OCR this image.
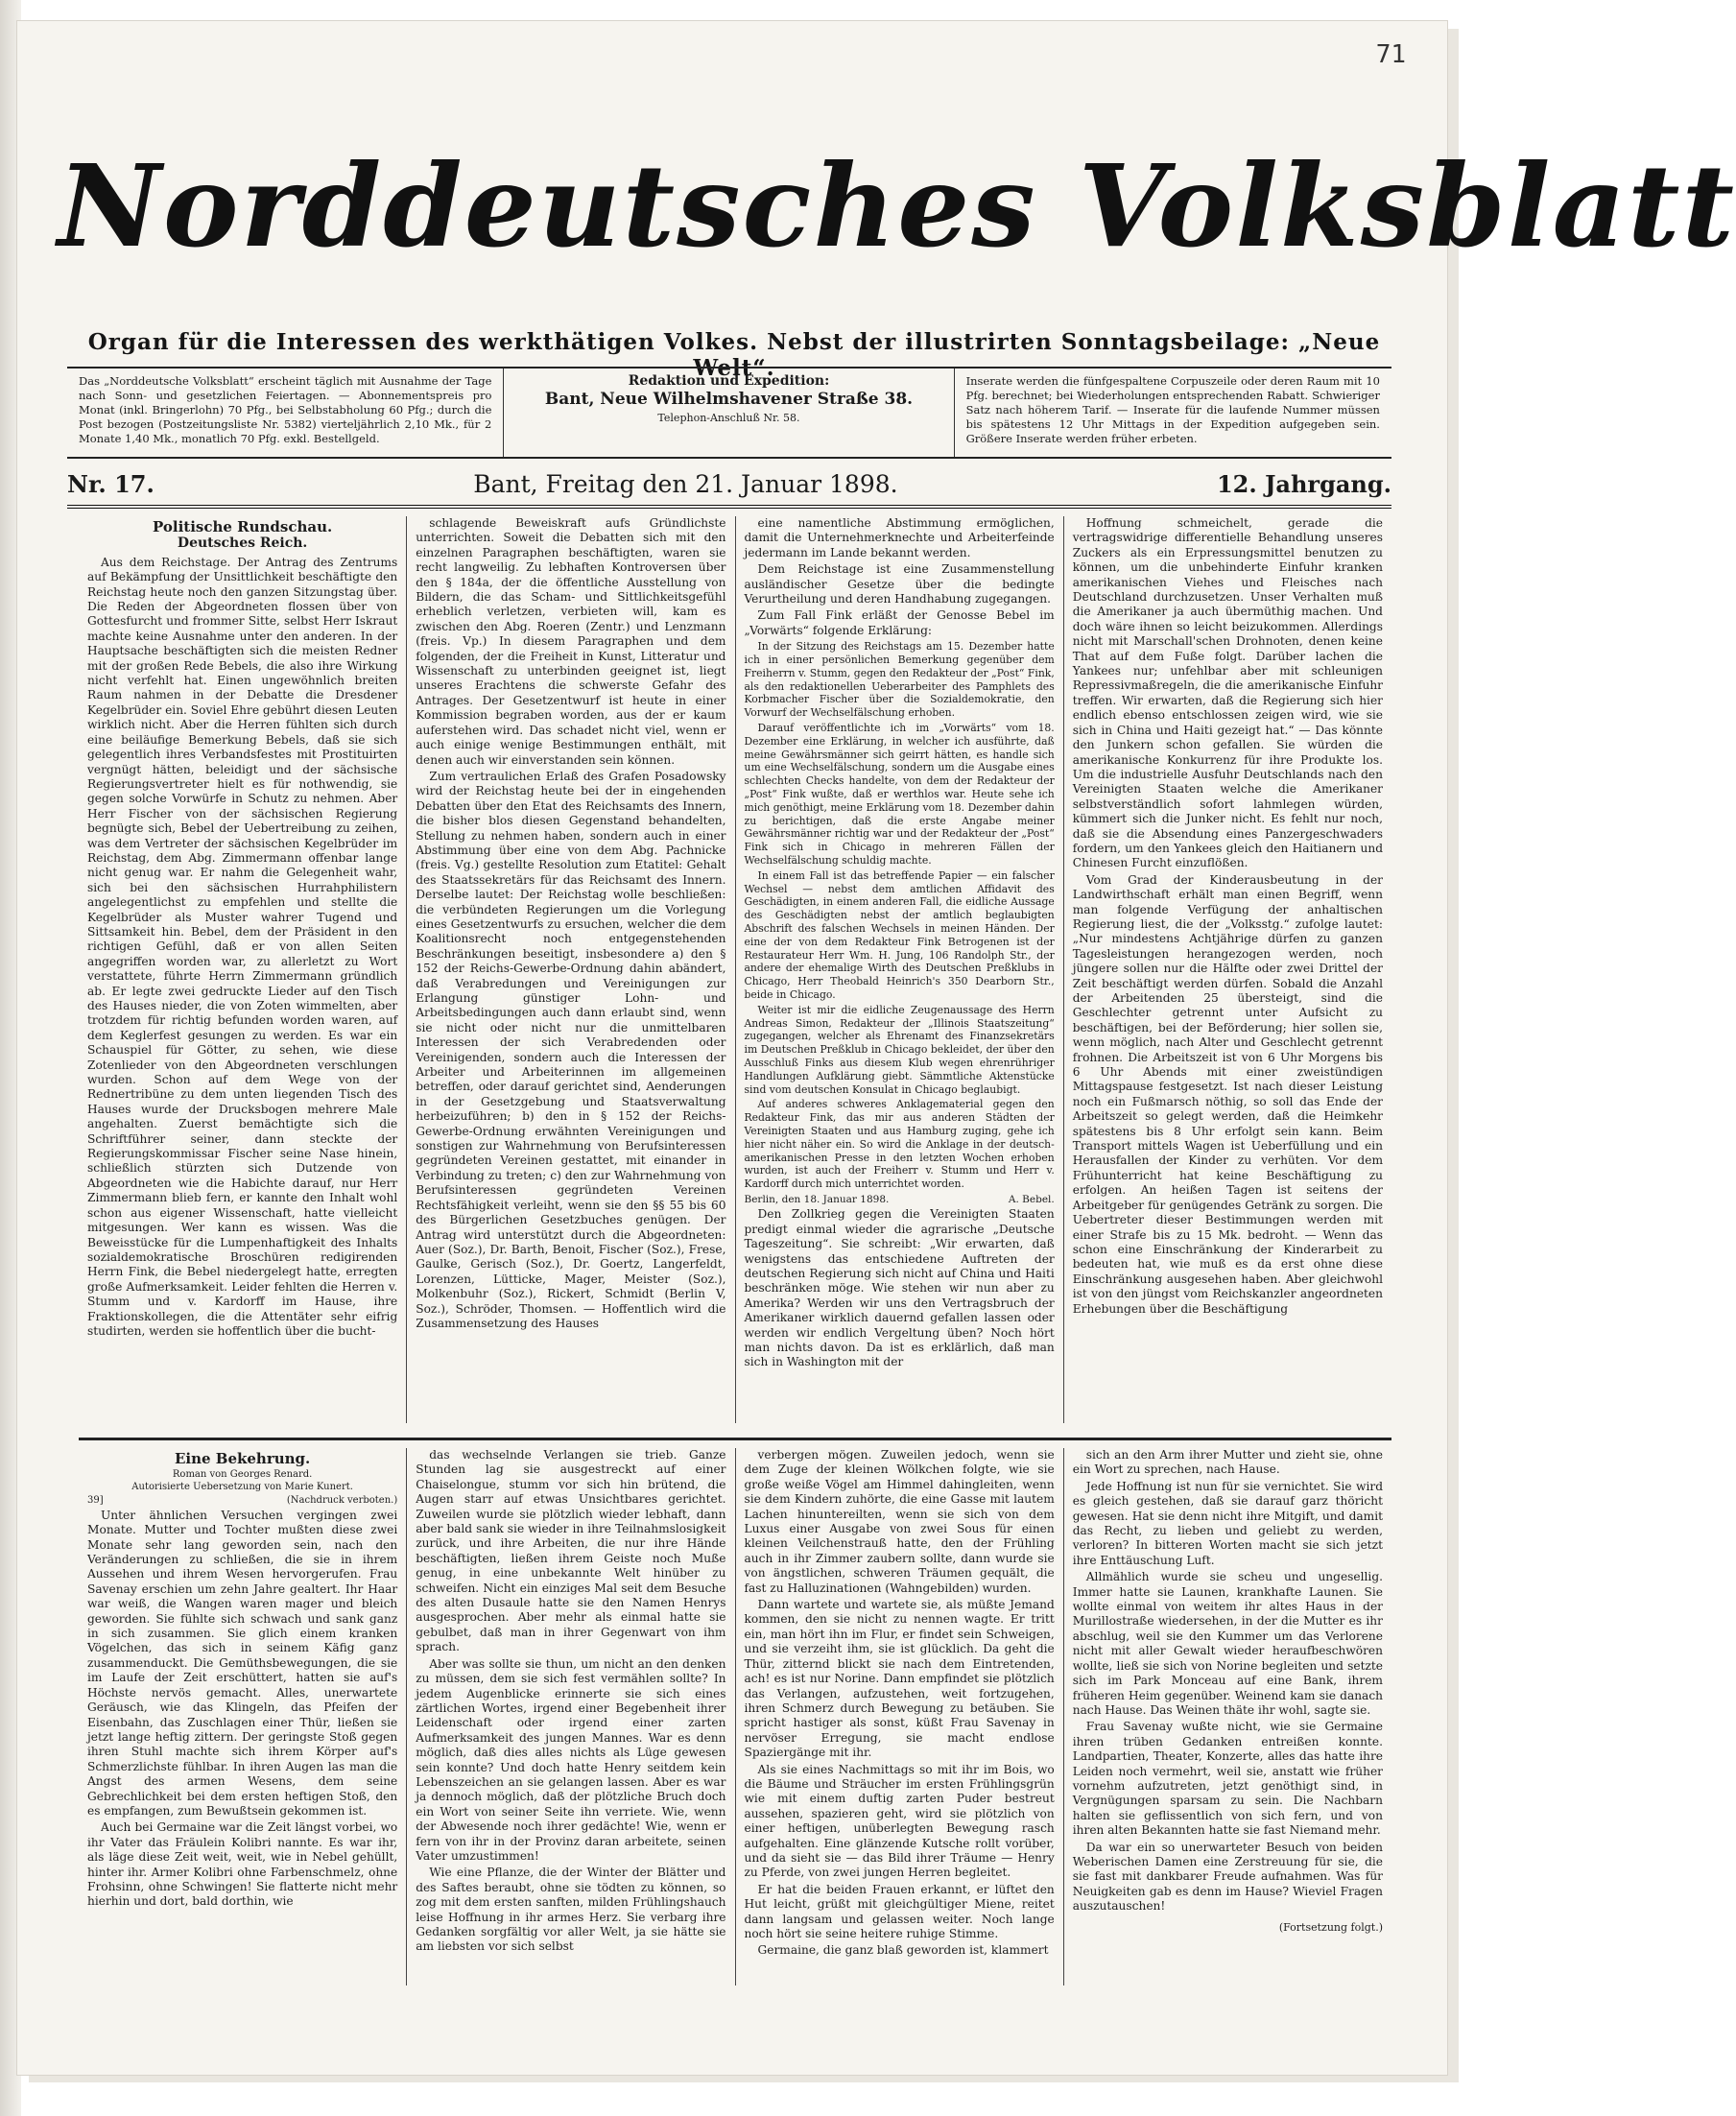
71
Norddeutsches Volksblatt
Organ für die Interessen des werkthätigen Volkes. Nebst der illustrirten Sonntagsbeilage: „Neue Welt“.
Das „Norddeutsche Volksblatt“ erscheint täglich mit Ausnahme der Tage nach Sonn- und gesetzlichen Feiertagen. — Abonnementspreis pro Monat (inkl. Bringerlohn) 70 Pfg., bei Selbstabholung 60 Pfg.; durch die Post bezogen (Postzeitungsliste Nr. 5382) vierteljährlich 2,10 Mk., für 2 Monate 1,40 Mk., monatlich 70 Pfg. exkl. Bestellgeld.
Redaktion und Expedition:
Bant, Neue Wilhelmshavener Straße 38.
Telephon-Anschluß Nr. 58.
Inserate werden die fünfgespaltene Corpuszeile oder deren Raum mit 10 Pfg. berechnet; bei Wiederholungen entsprechenden Rabatt. Schwieriger Satz nach höherem Tarif. — Inserate für die laufende Nummer müssen bis spätestens 12 Uhr Mittags in der Expedition aufgegeben sein. Größere Inserate werden früher erbeten.
Nr. 17.	Bant, Freitag den 21. Januar 1898.	12. Jahrgang.
Politische Rundschau.
Deutsches Reich.

Aus dem Reichstage. Der Antrag des Zentrums auf Bekämpfung der Unsittlichkeit beschäftigte den Reichstag heute noch den ganzen Sitzungstag über. Die Reden der Abgeordneten flossen über von Gottesfurcht und frommer Sitte, selbst Herr Iskraut machte keine Ausnahme unter den anderen. In der Hauptsache beschäftigten sich die meisten Redner mit der großen Rede Bebels, die also ihre Wirkung nicht verfehlt hat. Einen ungewöhnlich breiten Raum nahmen in der Debatte die Dresdener Kegelbrüder ein. Soviel Ehre gebührt diesen Leuten wirklich nicht. Aber die Herren fühlten sich durch eine beiläufige Bemerkung Bebels, daß sie sich gelegentlich ihres Verbandsfestes mit Prostituirten vergnügt hätten, beleidigt und der sächsische Regierungsvertreter hielt es für nothwendig, sie gegen solche Vorwürfe in Schutz zu nehmen. Aber Herr Fischer von der sächsischen Regierung begnügte sich, Bebel der Uebertreibung zu zeihen, was dem Vertreter der sächsischen Kegelbrüder im Reichstag, dem Abg. Zimmermann offenbar lange nicht genug war. Er nahm die Gelegenheit wahr, sich bei den sächsischen Hurrahphilistern angelegentlichst zu empfehlen und stellte die Kegelbrüder als Muster wahrer Tugend und Sittsamkeit hin. Bebel, dem der Präsident in den richtigen Gefühl, daß er von allen Seiten angegriffen worden war, zu allerletzt zu Wort verstattete, führte Herrn Zimmermann gründlich ab. Er legte zwei gedruckte Lieder auf den Tisch des Hauses nieder, die von Zoten wimmelten, aber trotzdem für richtig befunden worden waren, auf dem Keglerfest gesungen zu werden. Es war ein Schauspiel für Götter, zu sehen, wie diese Zotenlieder von den Abgeordneten verschlungen wurden. Schon auf dem Wege von der Rednertribüne zu dem unten liegenden Tisch des Hauses wurde der Drucksbogen mehrere Male angehalten. Zuerst bemächtigte sich die Schriftführer seiner, dann steckte der Regierungskommissar Fischer seine Nase hinein, schließlich stürzten sich Dutzende von Abgeordneten wie die Habichte darauf, nur Herr Zimmermann blieb fern, er kannte den Inhalt wohl schon aus eigener Wissenschaft, hatte vielleicht mitgesungen. Wer kann es wissen. Was die Beweisstücke für die Lumpenhaftigkeit des Inhalts sozialdemokratische Broschüren redigirenden Herrn Fink, die Bebel niedergelegt hatte, erregten große Aufmerksamkeit. Leider fehlten die Herren v. Stumm und v. Kardorff im Hause, ihre Fraktionskollegen, die die Attentäter sehr eifrig studirten, werden sie hoffentlich über die bucht-

schlagende Beweiskraft aufs Gründlichste unterrichten. Soweit die Debatten sich mit den einzelnen Paragraphen beschäftigten, waren sie recht langweilig. Zu lebhaften Kontroversen über den § 184a, der die öffentliche Ausstellung von Bildern, die das Scham- und Sittlichkeitsgefühl erheblich verletzen, verbieten will, kam es zwischen den Abg. Roeren (Zentr.) und Lenzmann (freis. Vp.) In diesem Paragraphen und dem folgenden, der die Freiheit in Kunst, Litteratur und Wissenschaft zu unterbinden geeignet ist, liegt unseres Erachtens die schwerste Gefahr des Antrages. Der Gesetzentwurf ist heute in einer Kommission begraben worden, aus der er kaum auferstehen wird. Das schadet nicht viel, wenn er auch einige wenige Bestimmungen enthält, mit denen auch wir einverstanden sein können.

Zum vertraulichen Erlaß des Grafen Posadowsky wird der Reichstag heute bei der in eingehenden Debatten über den Etat des Reichsamts des Innern, die bisher blos diesen Gegenstand behandelten, Stellung zu nehmen haben, sondern auch in einer Abstimmung über eine von dem Abg. Pachnicke (freis. Vg.) gestellte Resolution zum Etatitel: Gehalt des Staatssekretärs für das Reichsamt des Innern. Derselbe lautet: Der Reichstag wolle beschließen: die verbündeten Regierungen um die Vorlegung eines Gesetzentwurfs zu ersuchen, welcher die dem Koalitionsrecht noch entgegenstehenden Beschränkungen beseitigt, insbesondere a) den § 152 der Reichs-Gewerbe-Ordnung dahin abändert, daß Verabredungen und Vereinigungen zur Erlangung günstiger Lohn- und Arbeitsbedingungen auch dann erlaubt sind, wenn sie nicht oder nicht nur die unmittelbaren Interessen der sich Verabredenden oder Vereinigenden, sondern auch die Interessen der Arbeiter und Arbeiterinnen im allgemeinen betreffen, oder darauf gerichtet sind, Aenderungen in der Gesetzgebung und Staatsverwaltung herbeizuführen; b) den in § 152 der Reichs-Gewerbe-Ordnung erwähnten Vereinigungen und sonstigen zur Wahrnehmung von Berufsinteressen gegründeten Vereinen gestattet, mit einander in Verbindung zu treten; c) den zur Wahrnehmung von Berufsinteressen gegründeten Vereinen Rechtsfähigkeit verleiht, wenn sie den §§ 55 bis 60 des Bürgerlichen Gesetzbuches genügen. Der Antrag wird unterstützt durch die Abgeordneten: Auer (Soz.), Dr. Barth, Benoit, Fischer (Soz.), Frese, Gaulke, Gerisch (Soz.), Dr. Goertz, Langerfeldt, Lorenzen, Lütticke, Mager, Meister (Soz.), Molkenbuhr (Soz.), Rickert, Schmidt (Berlin V, Soz.), Schröder, Thomsen. — Hoffentlich wird die Zusammensetzung des Hauses

eine namentliche Abstimmung ermöglichen, damit die Unternehmerknechte und Arbeiterfeinde jedermann im Lande bekannt werden.

Dem Reichstage ist eine Zusammenstellung ausländischer Gesetze über die bedingte Verurtheilung und deren Handhabung zugegangen.

Zum Fall Fink erläßt der Genosse Bebel im „Vorwärts“ folgende Erklärung:

In der Sitzung des Reichstags am 15. Dezember hatte ich in einer persönlichen Bemerkung gegenüber dem Freiherrn v. Stumm, gegen den Redakteur der „Post“ Fink, als den redaktionellen Ueberarbeiter des Pamphlets des Korbmacher Fischer über die Sozialdemokratie, den Vorwurf der Wechselfälschung erhoben.

Darauf veröffentlichte ich im „Vorwärts“ vom 18. Dezember eine Erklärung, in welcher ich ausführte, daß meine Gewährsmänner sich geirrt hätten, es handle sich um eine Wechselfälschung, sondern um die Ausgabe eines schlechten Checks handelte, von dem der Redakteur der „Post“ Fink wußte, daß er werthlos war. Heute sehe ich mich genöthigt, meine Erklärung vom 18. Dezember dahin zu berichtigen, daß die erste Angabe meiner Gewährsmänner richtig war und der Redakteur der „Post“ Fink sich in Chicago in mehreren Fällen der Wechselfälschung schuldig machte.

In einem Fall ist das betreffende Papier — ein falscher Wechsel — nebst dem amtlichen Affidavit des Geschädigten, in einem anderen Fall, die eidliche Aussage des Geschädigten nebst der amtlich beglaubigten Abschrift des falschen Wechsels in meinen Händen. Der eine der von dem Redakteur Fink Betrogenen ist der Restaurateur Herr Wm. H. Jung, 106 Randolph Str., der andere der ehemalige Wirth des Deutschen Preßklubs in Chicago, Herr Theobald Heinrich's 350 Dearborn Str., beide in Chicago.

Weiter ist mir die eidliche Zeugenaussage des Herrn Andreas Simon, Redakteur der „Illinois Staatszeitung“ zugegangen, welcher als Ehrenamt des Finanzsekretärs im Deutschen Preßklub in Chicago bekleidet, der über den Ausschluß Finks aus diesem Klub wegen ehrenrühriger Handlungen Aufklärung giebt. Sämmtliche Aktenstücke sind vom deutschen Konsulat in Chicago beglaubigt.

Auf anderes schweres Anklagematerial gegen den Redakteur Fink, das mir aus anderen Städten der Vereinigten Staaten und aus Hamburg zuging, gehe ich hier nicht näher ein. So wird die Anklage in der deutsch-amerikanischen Presse in den letzten Wochen erhoben wurden, ist auch der Freiherr v. Stumm und Herr v. Kardorff durch mich unterrichtet worden.

Berlin, den 18. Januar 1898.	A. Bebel.

Den Zollkrieg gegen die Vereinigten Staaten predigt einmal wieder die agrarische „Deutsche Tageszeitung“. Sie schreibt: „Wir erwarten, daß wenigstens das entschiedene Auftreten der deutschen Regierung sich nicht auf China und Haiti beschränken möge. Wie stehen wir nun aber zu Amerika? Werden wir uns den Vertragsbruch der Amerikaner wirklich dauernd gefallen lassen oder werden wir endlich Vergeltung üben? Noch hört man nichts davon. Da ist es erklärlich, daß man sich in Washington mit der

Hoffnung schmeichelt, gerade die vertragswidrige differentielle Behandlung unseres Zuckers als ein Erpressungsmittel benutzen zu können, um die unbehinderte Einfuhr kranken amerikanischen Viehes und Fleisches nach Deutschland durchzusetzen. Unser Verhalten muß die Amerikaner ja auch übermüthig machen. Und doch wäre ihnen so leicht beizukommen. Allerdings nicht mit Marschall'schen Drohnoten, denen keine That auf dem Fuße folgt. Darüber lachen die Yankees nur; unfehlbar aber mit schleunigen Repressivmaßregeln, die die amerikanische Einfuhr treffen. Wir erwarten, daß die Regierung sich hier endlich ebenso entschlossen zeigen wird, wie sie sich in China und Haiti gezeigt hat.“ — Das könnte den Junkern schon gefallen. Sie würden die amerikanische Konkurrenz für ihre Produkte los. Um die industrielle Ausfuhr Deutschlands nach den Vereinigten Staaten welche die Amerikaner selbstverständlich sofort lahmlegen würden, kümmert sich die Junker nicht. Es fehlt nur noch, daß sie die Absendung eines Panzergeschwaders fordern, um den Yankees gleich den Haitianern und Chinesen Furcht einzuflößen.

Vom Grad der Kinderausbeutung in der Landwirthschaft erhält man einen Begriff, wenn man folgende Verfügung der anhaltischen Regierung liest, die der „Volksstg.“ zufolge lautet: „Nur mindestens Achtjährige dürfen zu ganzen Tagesleistungen herangezogen werden, noch jüngere sollen nur die Hälfte oder zwei Drittel der Zeit beschäftigt werden dürfen. Sobald die Anzahl der Arbeitenden 25 übersteigt, sind die Geschlechter getrennt unter Aufsicht zu beschäftigen, bei der Beförderung; hier sollen sie, wenn möglich, nach Alter und Geschlecht getrennt frohnen. Die Arbeitszeit ist von 6 Uhr Morgens bis 6 Uhr Abends mit einer zweistündigen Mittagspause festgesetzt. Ist nach dieser Leistung noch ein Fußmarsch nöthig, so soll das Ende der Arbeitszeit so gelegt werden, daß die Heimkehr spätestens bis 8 Uhr erfolgt sein kann. Beim Transport mittels Wagen ist Ueberfüllung und ein Herausfallen der Kinder zu verhüten. Vor dem Frühunterricht hat keine Beschäftigung zu erfolgen. An heißen Tagen ist seitens der Arbeitgeber für genügendes Getränk zu sorgen. Die Uebertreter dieser Bestimmungen werden mit einer Strafe bis zu 15 Mk. bedroht. — Wenn das schon eine Einschränkung der Kinderarbeit zu bedeuten hat, wie muß es da erst ohne diese Einschränkung ausgesehen haben. Aber gleichwohl ist von den jüngst vom Reichskanzler angeordneten Erhebungen über die Beschäftigung

Eine Bekehrung.
Roman von Georges Renard.
Autorisierte Uebersetzung von Marie Kunert.
39]	(Nachdruck verboten.)

Unter ähnlichen Versuchen vergingen zwei Monate. Mutter und Tochter mußten diese zwei Monate sehr lang geworden sein, nach den Veränderungen zu schließen, die sie in ihrem Aussehen und ihrem Wesen hervorgerufen. Frau Savenay erschien um zehn Jahre gealtert. Ihr Haar war weiß, die Wangen waren mager und bleich geworden. Sie fühlte sich schwach und sank ganz in sich zusammen. Sie glich einem kranken Vögelchen, das sich in seinem Käfig ganz zusammenduckt. Die Gemüthsbewegungen, die sie im Laufe der Zeit erschüttert, hatten sie auf's Höchste nervös gemacht. Alles, unerwartete Geräusch, wie das Klingeln, das Pfeifen der Eisenbahn, das Zuschlagen einer Thür, ließen sie jetzt lange heftig zittern. Der geringste Stoß gegen ihren Stuhl machte sich ihrem Körper auf's Schmerzlichste fühlbar. In ihren Augen las man die Angst des armen Wesens, dem seine Gebrechlichkeit bei dem ersten heftigen Stoß, den es empfangen, zum Bewußtsein gekommen ist.

Auch bei Germaine war die Zeit längst vorbei, wo ihr Vater das Fräulein Kolibri nannte. Es war ihr, als läge diese Zeit weit, weit, wie in Nebel gehüllt, hinter ihr. Armer Kolibri ohne Farbenschmelz, ohne Frohsinn, ohne Schwingen! Sie flatterte nicht mehr hierhin und dort, bald dorthin, wie

das wechselnde Verlangen sie trieb. Ganze Stunden lag sie ausgestreckt auf einer Chaiselongue, stumm vor sich hin brütend, die Augen starr auf etwas Unsichtbares gerichtet. Zuweilen wurde sie plötzlich wieder lebhaft, dann aber bald sank sie wieder in ihre Teilnahmslosigkeit zurück, und ihre Arbeiten, die nur ihre Hände beschäftigten, ließen ihrem Geiste noch Muße genug, in eine unbekannte Welt hinüber zu schweifen. Nicht ein einziges Mal seit dem Besuche des alten Dusaule hatte sie den Namen Henrys ausgesprochen. Aber mehr als einmal hatte sie gebulbet, daß man in ihrer Gegenwart von ihm sprach.

Aber was sollte sie thun, um nicht an den denken zu müssen, dem sie sich fest vermählen sollte? In jedem Augenblicke erinnerte sie sich eines zärtlichen Wortes, irgend einer Begebenheit ihrer Leidenschaft oder irgend einer zarten Aufmerksamkeit des jungen Mannes. War es denn möglich, daß dies alles nichts als Lüge gewesen sein konnte? Und doch hatte Henry seitdem kein Lebenszeichen an sie gelangen lassen. Aber es war ja dennoch möglich, daß der plötzliche Bruch doch ein Wort von seiner Seite ihn verriete. Wie, wenn der Abwesende noch ihrer gedächte! Wie, wenn er fern von ihr in der Provinz daran arbeitete, seinen Vater umzustimmen!

Wie eine Pflanze, die der Winter der Blätter und des Saftes beraubt, ohne sie tödten zu können, so zog mit dem ersten sanften, milden Frühlingshauch leise Hoffnung in ihr armes Herz. Sie verbarg ihre Gedanken sorgfältig vor aller Welt, ja sie hätte sie am liebsten vor sich selbst

verbergen mögen. Zuweilen jedoch, wenn sie dem Zuge der kleinen Wölkchen folgte, wie sie große weiße Vögel am Himmel dahingleiten, wenn sie dem Kindern zuhörte, die eine Gasse mit lautem Lachen hinuntereilten, wenn sie sich von dem Luxus einer Ausgabe von zwei Sous für einen kleinen Veilchenstrauß hatte, den der Frühling auch in ihr Zimmer zaubern sollte, dann wurde sie von ängstlichen, schweren Träumen gequält, die fast zu Halluzinationen (Wahngebilden) wurden.

Dann wartete und wartete sie, als müßte Jemand kommen, den sie nicht zu nennen wagte. Er tritt ein, man hört ihn im Flur, er findet sein Schweigen, und sie verzeiht ihm, sie ist glücklich. Da geht die Thür, zitternd blickt sie nach dem Eintretenden, ach! es ist nur Norine. Dann empfindet sie plötzlich das Verlangen, aufzustehen, weit fortzugehen, ihren Schmerz durch Bewegung zu betäuben. Sie spricht hastiger als sonst, küßt Frau Savenay in nervöser Erregung, sie macht endlose Spaziergänge mit ihr.

Als sie eines Nachmittags so mit ihr im Bois, wo die Bäume und Sträucher im ersten Frühlingsgrün wie mit einem duftig zarten Puder bestreut aussehen, spazieren geht, wird sie plötzlich von einer heftigen, unüberlegten Bewegung rasch aufgehalten. Eine glänzende Kutsche rollt vorüber, und da sieht sie — das Bild ihrer Träume — Henry zu Pferde, von zwei jungen Herren begleitet.

Er hat die beiden Frauen erkannt, er lüftet den Hut leicht, grüßt mit gleichgültiger Miene, reitet dann langsam und gelassen weiter. Noch lange noch hört sie seine heitere ruhige Stimme.

Germaine, die ganz blaß geworden ist, klammert

sich an den Arm ihrer Mutter und zieht sie, ohne ein Wort zu sprechen, nach Hause.

Jede Hoffnung ist nun für sie vernichtet. Sie wird es gleich gestehen, daß sie darauf garz thöricht gewesen. Hat sie denn nicht ihre Mitgift, und damit das Recht, zu lieben und geliebt zu werden, verloren? In bitteren Worten macht sie sich jetzt ihre Enttäuschung Luft.

Allmählich wurde sie scheu und ungesellig. Immer hatte sie Launen, krankhafte Launen. Sie wollte einmal von weitem ihr altes Haus in der Murillostraße wiedersehen, in der die Mutter es ihr abschlug, weil sie den Kummer um das Verlorene nicht mit aller Gewalt wieder heraufbeschwören wollte, ließ sie sich von Norine begleiten und setzte sich im Park Monceau auf eine Bank, ihrem früheren Heim gegenüber. Weinend kam sie danach nach Hause. Das Weinen thäte ihr wohl, sagte sie.

Frau Savenay wußte nicht, wie sie Germaine ihren trüben Gedanken entreißen konnte. Landpartien, Theater, Konzerte, alles das hatte ihre Leiden noch vermehrt, weil sie, anstatt wie früher vornehm aufzutreten, jetzt genöthigt sind, in Vergnügungen sparsam zu sein. Die Nachbarn halten sie geflissentlich von sich fern, und von ihren alten Bekannten hatte sie fast Niemand mehr.

Da war ein so unerwarteter Besuch von beiden Weberischen Damen eine Zerstreuung für sie, die sie fast mit dankbarer Freude aufnahmen. Was für Neuigkeiten gab es denn im Hause? Wieviel Fragen auszutauschen!

(Fortsetzung folgt.)
